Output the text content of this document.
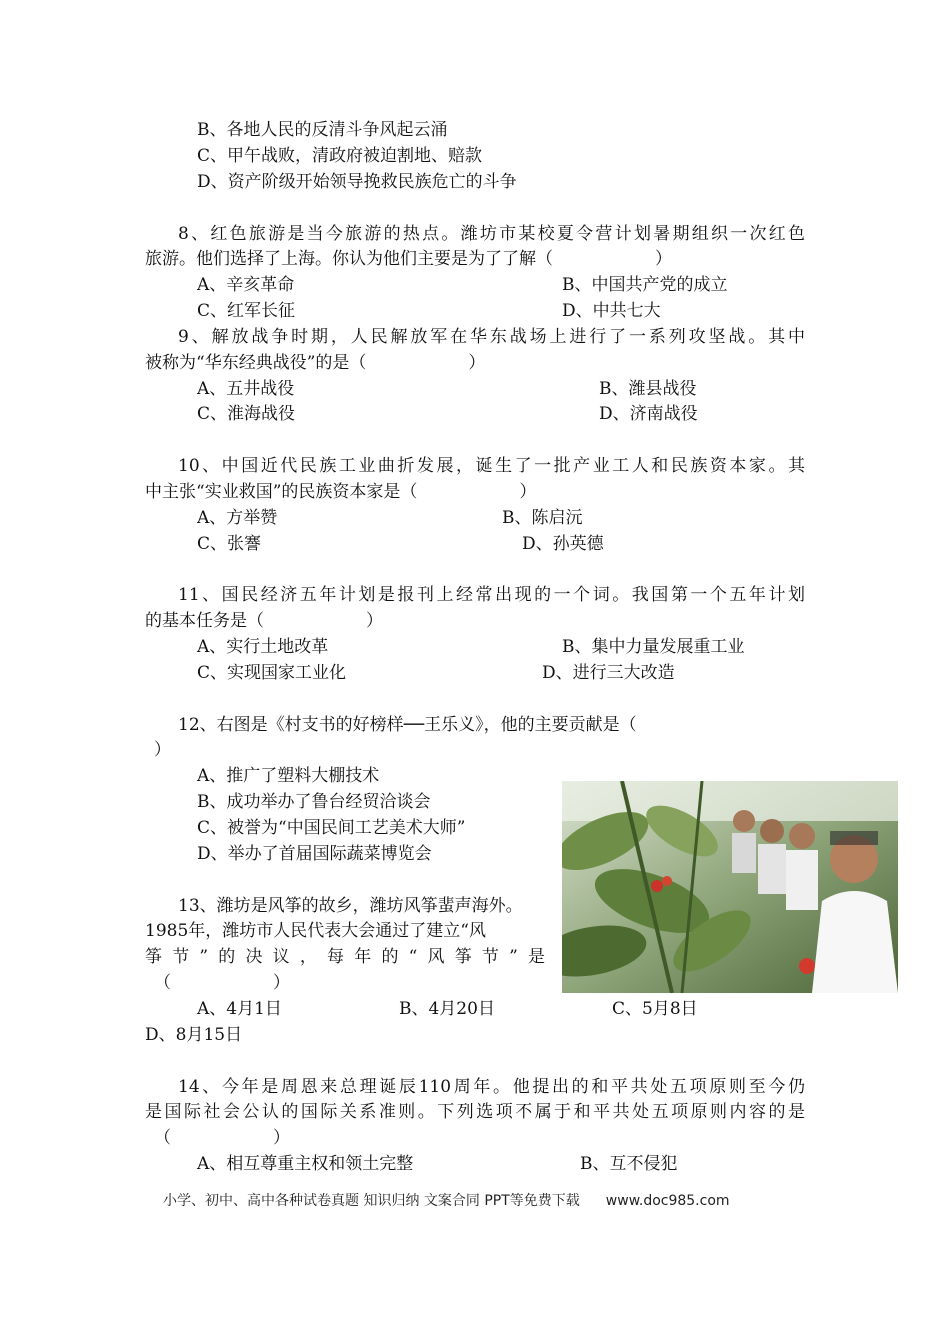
B、各地人民的反清斗争风起云涌
C、甲午战败，清政府被迫割地、赔款
D、资产阶级开始领导挽救民族危亡的斗争
8、红色旅游是当今旅游的热点。潍坊市某校夏令营计划暑期组织一次红色
旅游。他们选择了上海。你认为他们主要是为了了解（　　　　　　）
A、辛亥革命	B、中国共产党的成立
C、红军长征	D、中共七大
9、解放战争时期，人民解放军在华东战场上进行了一系列攻坚战。其中
被称为“华东经典战役”的是（　　　　　　）
A、五井战役	B、潍县战役
C、淮海战役	D、济南战役
10、中国近代民族工业曲折发展，诞生了一批产业工人和民族资本家。其
中主张“实业救国”的民族资本家是（　　　　　　）
A、方举赞	B、陈启沅
C、张謇	D、孙英德
11、国民经济五年计划是报刊上经常出现的一个词。我国第一个五年计划
的基本任务是（　　　　　　）
A、实行土地改革	B、集中力量发展重工业
C、实现国家工业化	D、进行三大改造
12、右图是《村支书的好榜样──王乐义》，他的主要贡献是（
）
A、推广了塑料大棚技术
B、成功举办了鲁台经贸洽谈会
C、被誉为“中国民间工艺美术大师”
D、举办了首届国际蔬菜博览会
13、潍坊是风筝的故乡，潍坊风筝蜚声海外。
1985年，潍坊市人民代表大会通过了建立“风
筝节”的决议，每年的“风筝节”是
（　　　　　　）
A、4月1日	B、4月20日	C、5月8日
D、8月15日
14、今年是周恩来总理诞辰110周年。他提出的和平共处五项原则至今仍
是国际社会公认的国际关系准则。下列选项不属于和平共处五项原则内容的是
（　　　　　　）
A、相互尊重主权和领土完整	B、互不侵犯
小学、初中、高中各种试卷真题 知识归纳 文案合同 PPT等免费下载 www.doc985.com
